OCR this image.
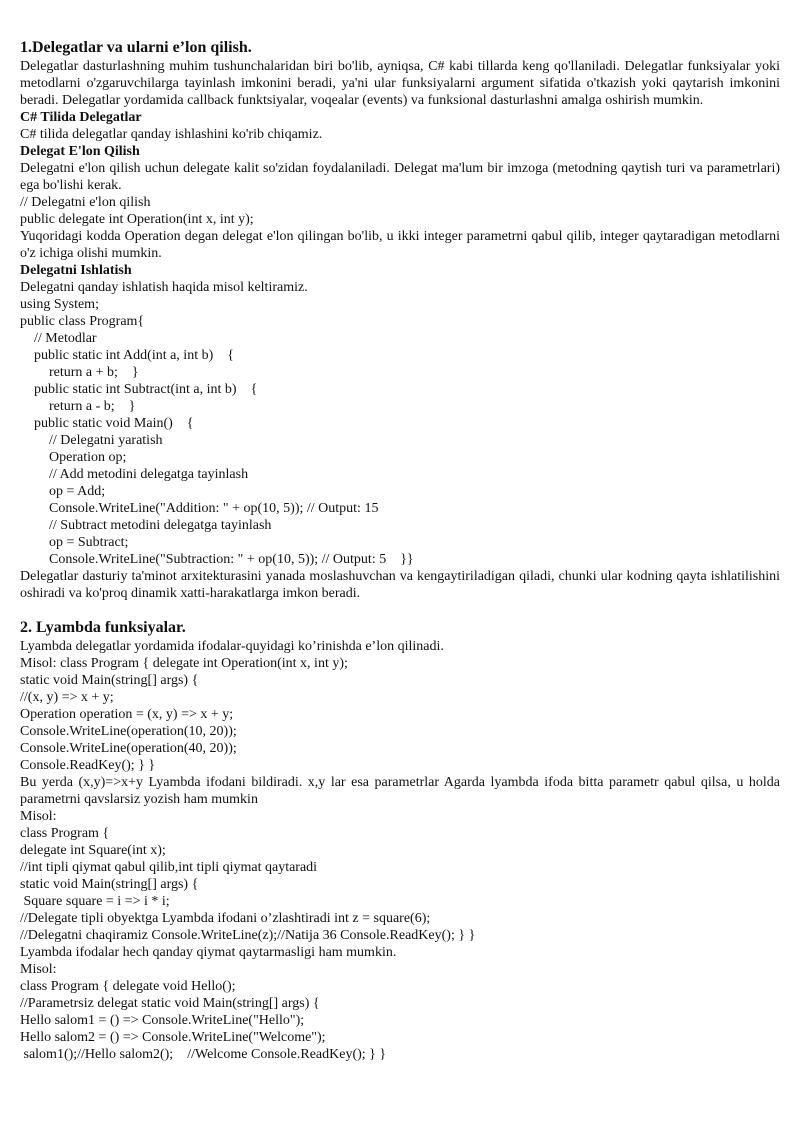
1.Delegatlar va ularni e’lon qilish.

Delegatlar dasturlashning muhim tushunchalaridan biri bo'lib, ayniqsa, C# kabi tillarda keng qo'llaniladi. Delegatlar funksiyalar yoki metodlarni o'zgaruvchilarga tayinlash imkonini beradi, ya'ni ular funksiyalarni argument sifatida o'tkazish yoki qaytarish imkonini beradi. Delegatlar yordamida callback funktsiyalar, voqealar (events) va funksional dasturlashni amalga oshirish mumkin.

C# Tilida Delegatlar

C# tilida delegatlar qanday ishlashini ko'rib chiqamiz.

Delegat E'lon Qilish

Delegatni e'lon qilish uchun delegate kalit so'zidan foydalaniladi. Delegat ma'lum bir imzoga (metodning qaytish turi va parametrlari) ega bo'lishi kerak.

// Delegatni e'lon qilish
public delegate int Operation(int x, int y);

Yuqoridagi kodda Operation degan delegat e'lon qilingan bo'lib, u ikki integer parametrni qabul qilib, integer qaytaradigan metodlarni o'z ichiga olishi mumkin.

Delegatni Ishlatish

Delegatni qanday ishlatish haqida misol keltiramiz.

using System;
public class Program{
// Metodlar
public static int Add(int a, int b)    {
return a + b;    }
public static int Subtract(int a, int b)    {
return a - b;    }
public static void Main()    {
// Delegatni yaratish
Operation op;
// Add metodini delegatga tayinlash
op = Add;
Console.WriteLine("Addition: " + op(10, 5)); // Output: 15
// Subtract metodini delegatga tayinlash
op = Subtract;
Console.WriteLine("Subtraction: " + op(10, 5)); // Output: 5    }}

Delegatlar dasturiy ta'minot arxitekturasini yanada moslashuvchan va kengaytiriladigan qiladi, chunki ular kodning qayta ishlatilishini oshiradi va ko'proq dinamik xatti-harakatlarga imkon beradi.

2. Lyambda funksiyalar.
Lyambda delegatlar yordamida ifodalar-quyidagi ko’rinishda e’lon qilinadi.
Misol: class Program { delegate int Operation(int x, int y);
static void Main(string[] args) {
//(x, y) => x + y;
Operation operation = (x, y) => x + y;
Console.WriteLine(operation(10, 20));
Console.WriteLine(operation(40, 20));
Console.ReadKey(); } }

Bu yerda (x,y)=>x+y Lyambda ifodani bildiradi. x,y lar esa parametrlar Agarda lyambda ifoda bitta parametr qabul qilsa, u holda parametrni qavslarsiz yozish ham mumkin

Misol:
class Program {
delegate int Square(int x);
//int tipli qiymat qabul qilib,int tipli qiymat qaytaradi
static void Main(string[] args) {
Square square = i => i * i;
//Delegate tipli obyektga Lyambda ifodani o’zlashtiradi int z = square(6);
//Delegatni chaqiramiz Console.WriteLine(z);//Natija 36 Console.ReadKey(); } }
Lyambda ifodalar hech qanday qiymat qaytarmasligi ham mumkin.
Misol:
class Program { delegate void Hello();
//Parametrsiz delegat static void Main(string[] args) {
Hello salom1 = () => Console.WriteLine("Hello");
Hello salom2 = () => Console.WriteLine("Welcome");
salom1();//Hello salom2();    //Welcome Console.ReadKey(); } }
